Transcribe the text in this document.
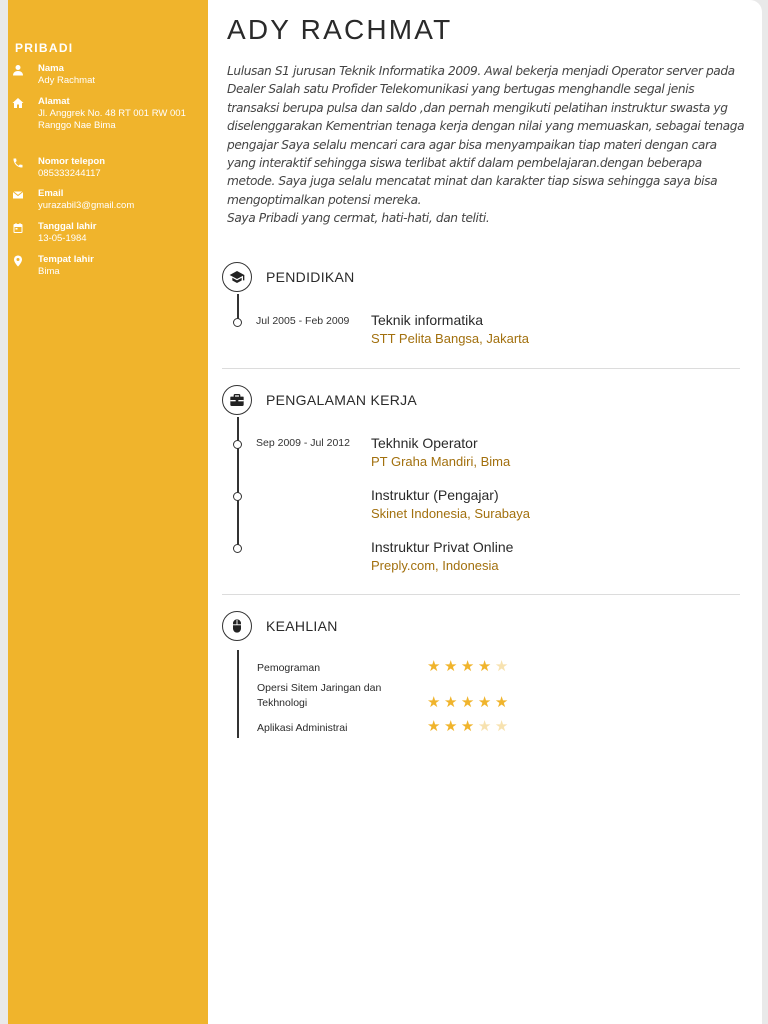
PRIBADI
Nama
Ady Rachmat
Alamat
Jl. Anggrek No. 48 RT 001 RW 001 Ranggo Nae Bima
Nomor telepon
085333244117
Email
yurazabil3@gmail.com
Tanggal lahir
13-05-1984
Tempat lahir
Bima
ADY RACHMAT

Lulusan S1 jurusan Teknik Informatika 2009. Awal bekerja menjadi Operator server pada Dealer Salah satu Profider Telekomunikasi yang bertugas menghandle segal jenis transaksi berupa pulsa dan saldo ,dan pernah mengikuti pelatihan instruktur swasta yg diselenggarakan Kementrian tenaga kerja dengan nilai yang memuaskan, sebagai tenaga pengajar Saya selalu mencari cara agar bisa menyampaikan tiap materi dengan cara yang interaktif sehingga siswa terlibat aktif dalam pembelajaran.dengan beberapa metode. Saya juga selalu mencatat minat dan karakter tiap siswa sehingga saya bisa mengoptimalkan potensi mereka.

Saya Pribadi yang cermat, hati-hati, dan teliti.

PENDIDIKAN
Jul 2005 - Feb 2009 Teknik informatika
STT Pelita Bangsa, Jakarta
PENGALAMAN KERJA
Sep 2009 - Jul 2012 Tekhnik Operator
PT Graha Mandiri, Bima
Instruktur (Pengajar)
Skinet Indonesia, Surabaya
Instruktur Privat Online
Preply.com, Indonesia
KEAHLIAN
Pemograman	★★★★★
Opersi Sitem Jaringan dan Tekhnologi	★★★★★
Aplikasi Administrai	★★★★★
